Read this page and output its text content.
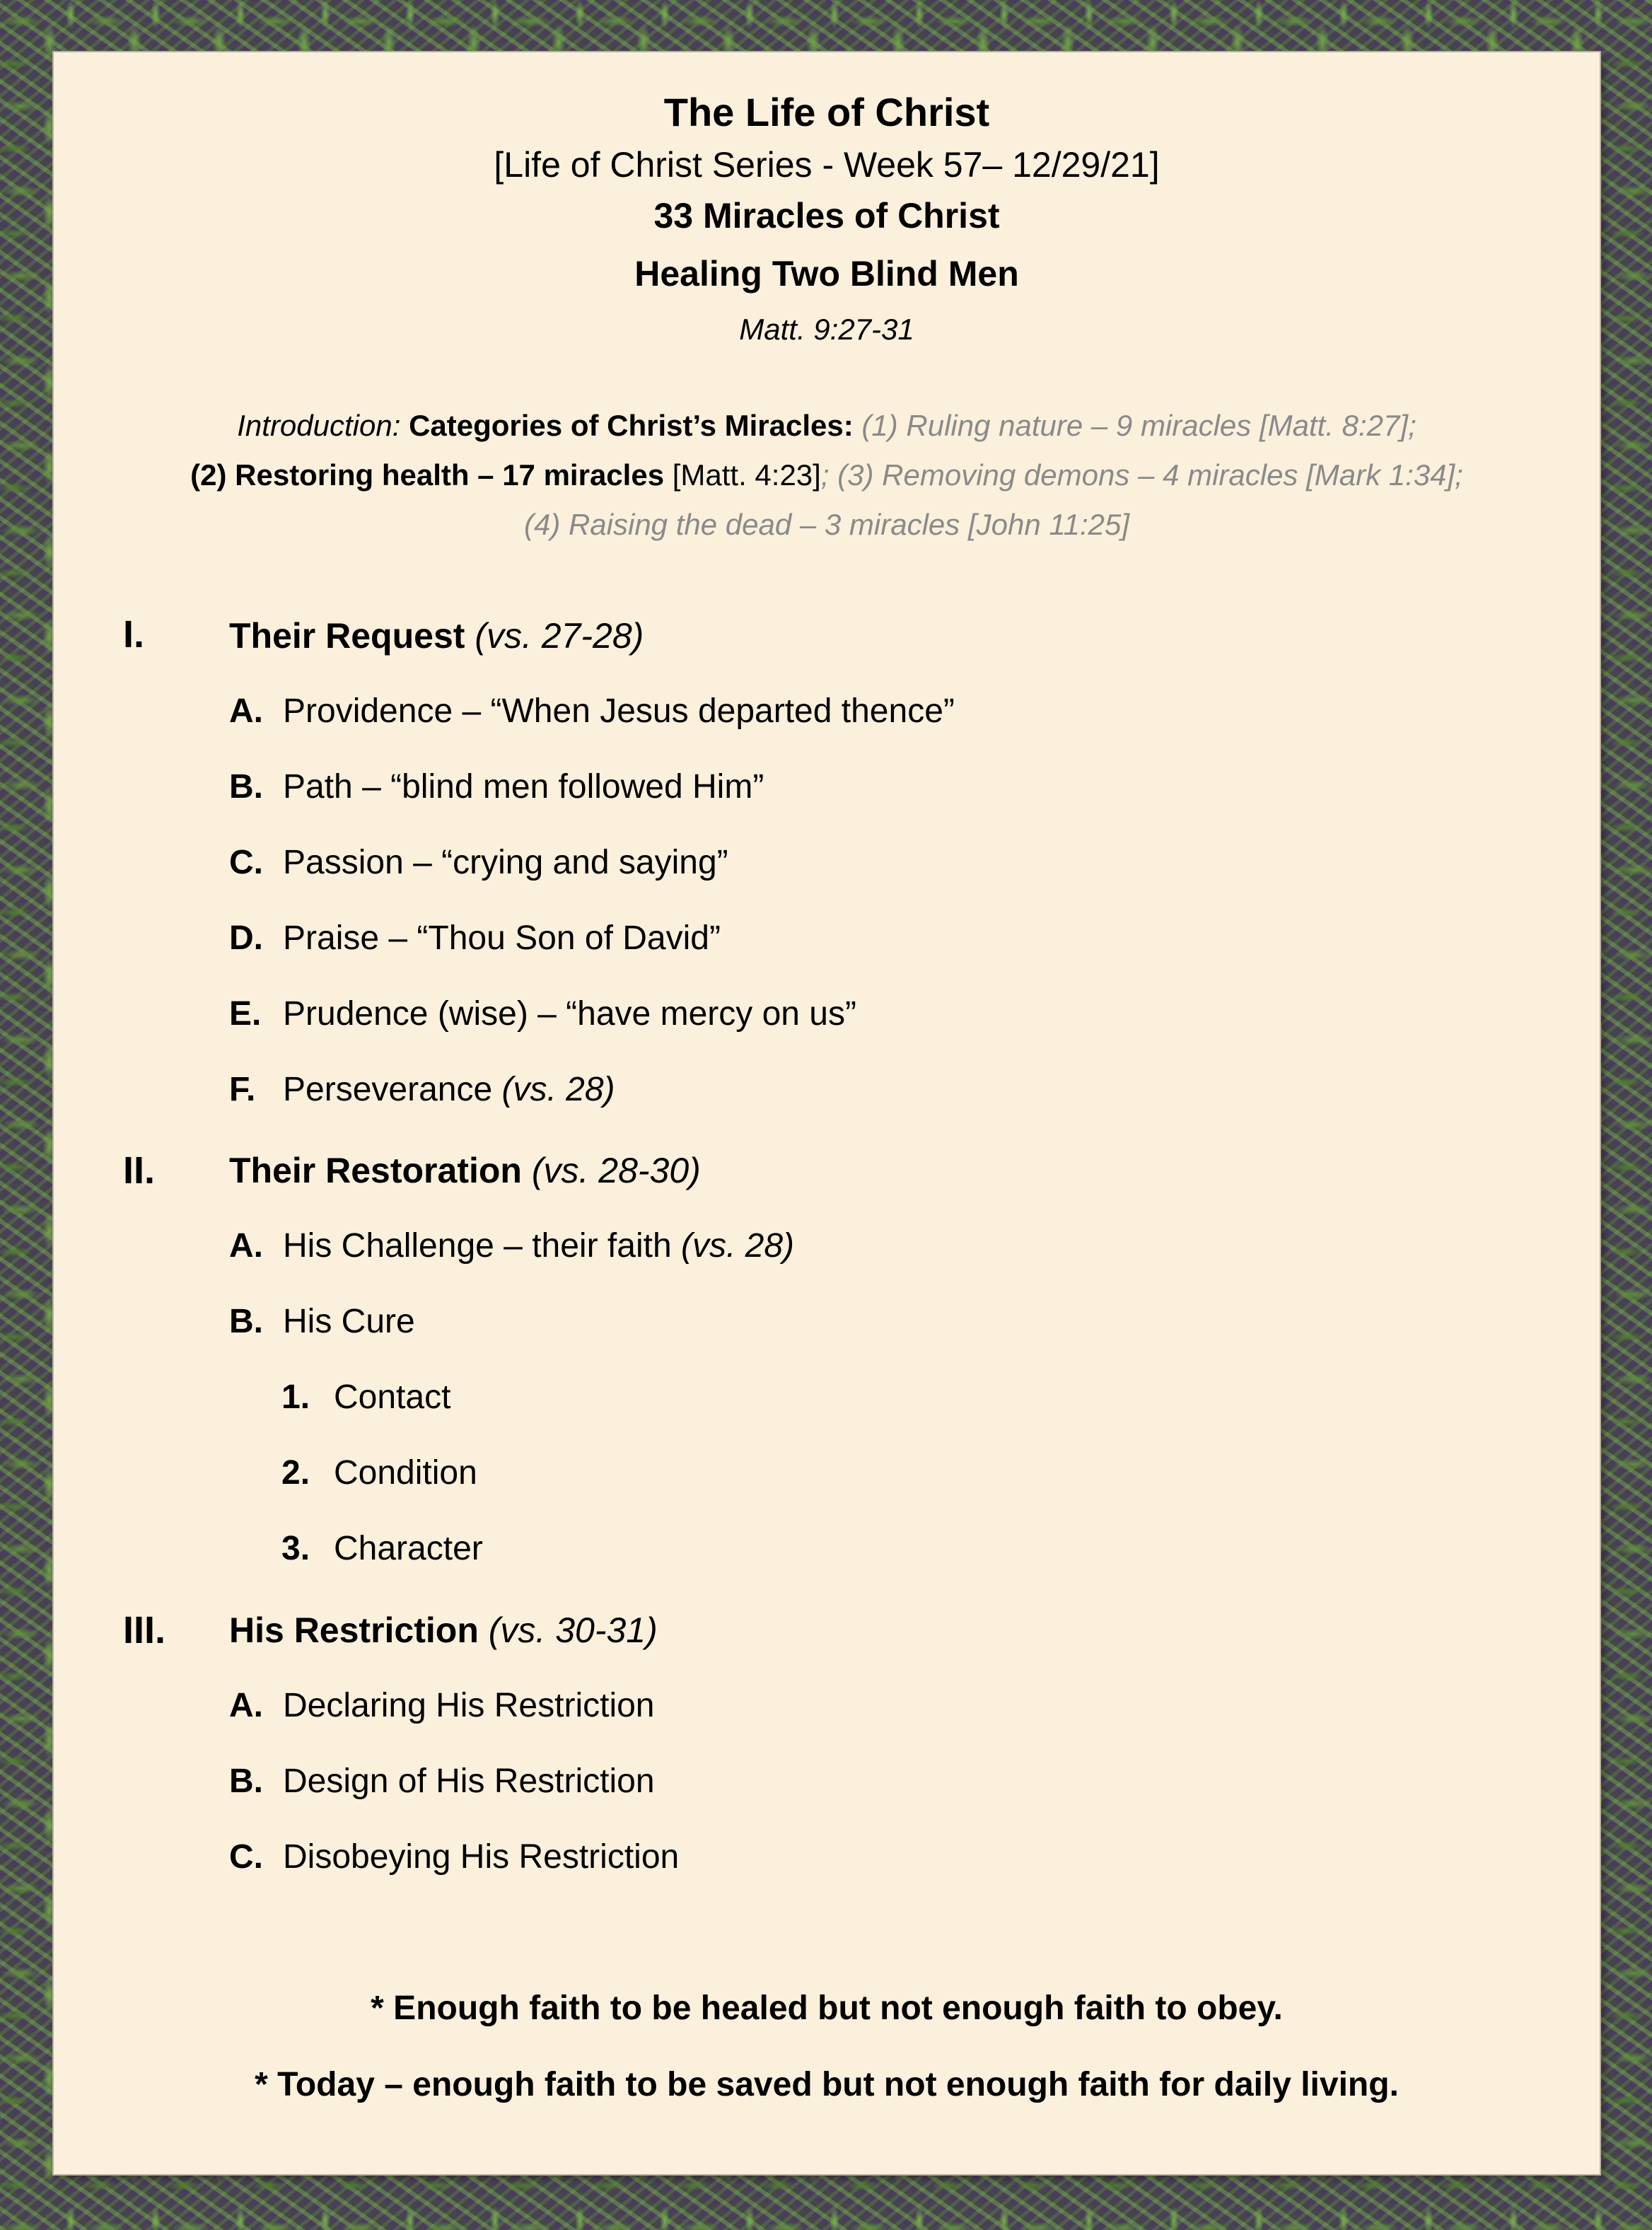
The Life of Christ
[Life of Christ Series - Week 57– 12/29/21]
33 Miracles of Christ
Healing Two Blind Men
Matt. 9:27-31
Introduction: Categories of Christ’s Miracles: (1) Ruling nature – 9 miracles [Matt. 8:27];
(2) Restoring health – 17 miracles [Matt. 4:23]; (3) Removing demons – 4 miracles [Mark 1:34];
(4) Raising the dead – 3 miracles [John 11:25]
I. Their Request (vs. 27-28)
A. Providence – “When Jesus departed thence”
B. Path – “blind men followed Him”
C. Passion – “crying and saying”
D. Praise – “Thou Son of David”
E. Prudence (wise) – “have mercy on us”
F. Perseverance (vs. 28)
II. Their Restoration (vs. 28-30)
A. His Challenge – their faith (vs. 28)
B. His Cure
1. Contact
2. Condition
3. Character
III. His Restriction (vs. 30-31)
A. Declaring His Restriction
B. Design of His Restriction
C. Disobeying His Restriction
* Enough faith to be healed but not enough faith to obey.
* Today – enough faith to be saved but not enough faith for daily living.
